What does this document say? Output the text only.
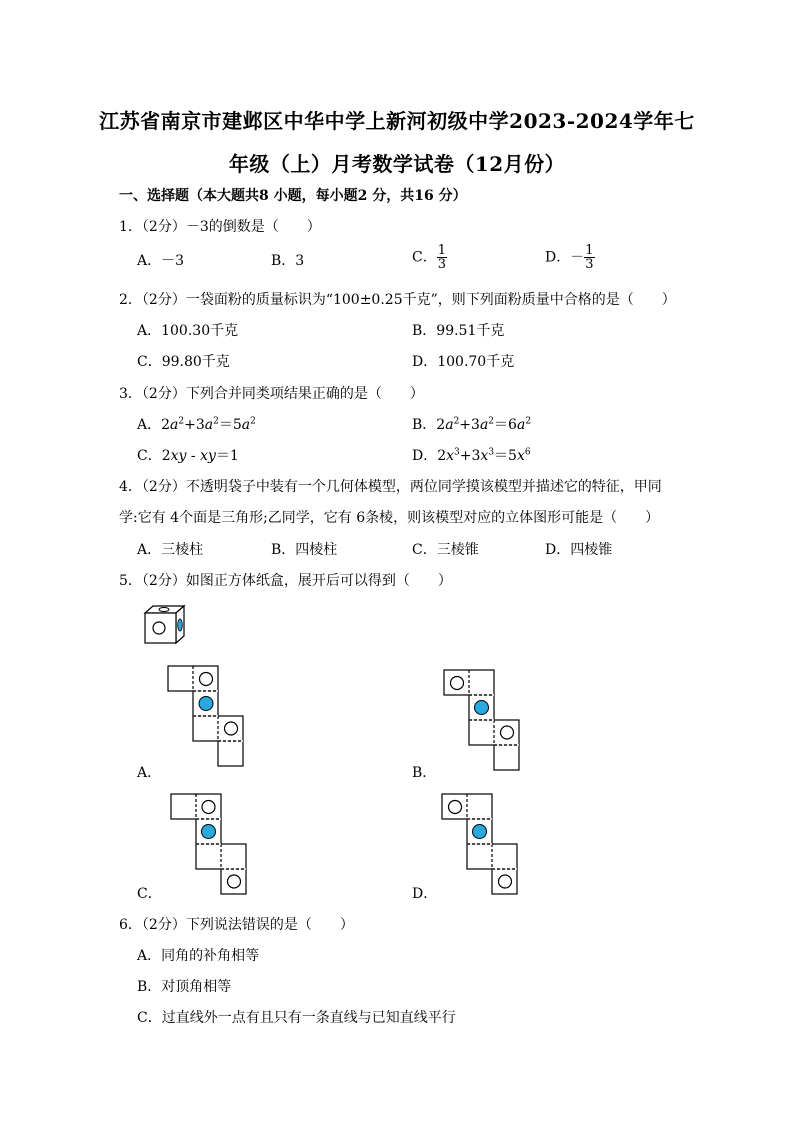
江苏省南京市建邺区中华中学上新河初级中学2023-2024学年七
年级（上）月考数学试卷（12月份）
一、选择题（本大题共8 小题，每小题2 分，共16 分）
1．（2分）－3的倒数是（　　）
A．－3	B．3	C． $\frac{1}{3}$	D．－ $\frac{1}{3}$
2．（2分）一袋面粉的质量标识为“100±0.25千克”，则下列面粉质量中合格的是（　　）
A．100.30千克	B．99.51千克
C．99.80千克	D．100.70千克
3．（2分）下列合并同类项结果正确的是（　　）
A．$2a^2+3a^2=5a^2$	B．$2a^2+3a^2=6a^2$
C．2xy - xy＝1	D．$2x^3+3x^3=5x^6$
4．（2分）不透明袋子中装有一个几何体模型，两位同学摸该模型并描述它的特征，甲同
学:它有 4个面是三角形;乙同学，它有 6条棱，则该模型对应的立体图形可能是（　　）
A．三棱柱	B．四棱柱	C．三棱锥	D．四棱锥
5．（2分）如图正方体纸盒，展开后可以得到（　　）
A．	B．
C．	D．
6．（2分）下列说法错误的是（　　）
A．同角的补角相等
B．对顶角相等
C．过直线外一点有且只有一条直线与已知直线平行
